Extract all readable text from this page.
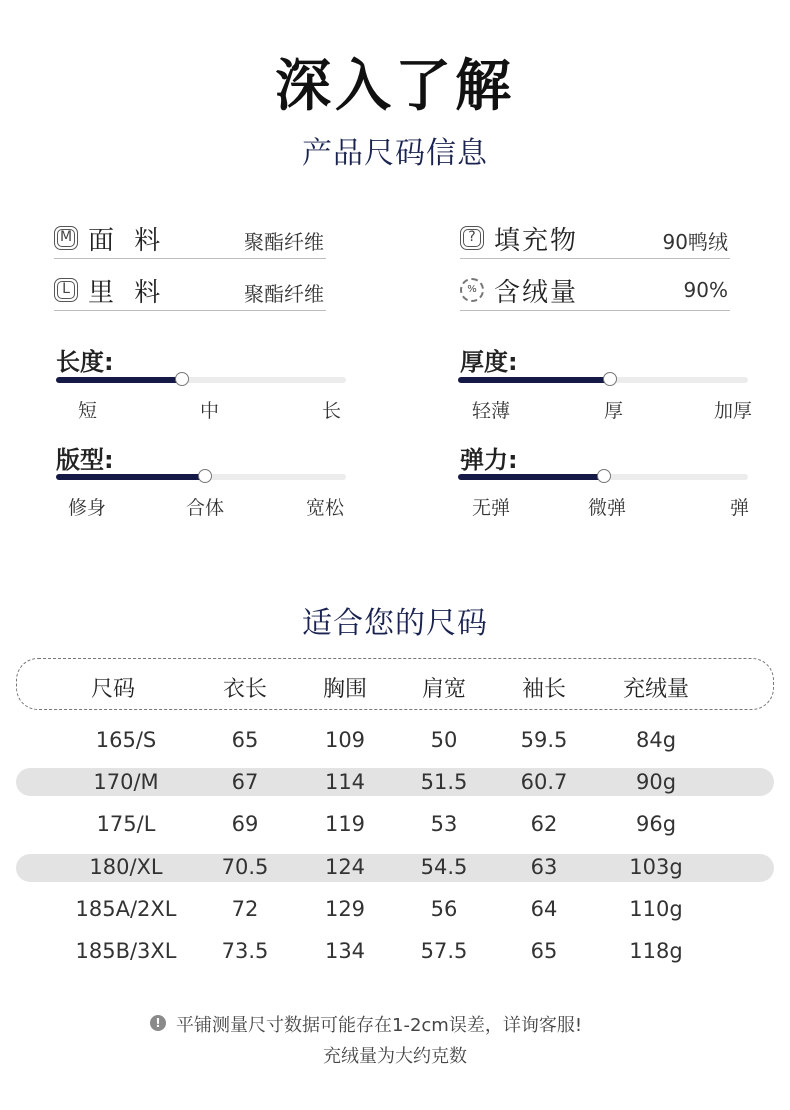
深入了解
产品尺码信息
M 面 料	聚酯纤维	? 填充物	90鸭绒
L 里 料	聚酯纤维	% 含绒量	90%
长度:
短	中	长
厚度:
轻薄	厚	加厚
版型:
修身	合体	宽松
弹力:
无弹	微弹	弹
适合您的尺码
尺码	衣长	胸围	肩宽	袖长	充绒量
165/S	65	109	50	59.5	84g
170/M	67	114	51.5	60.7	90g
175/L	69	119	53	62	96g
180/XL	70.5	124	54.5	63	103g
185A/2XL	72	129	56	64	110g
185B/3XL	73.5	134	57.5	65	118g
! 平铺测量尺寸数据可能存在1-2cm误差，详询客服!
充绒量为大约克数
